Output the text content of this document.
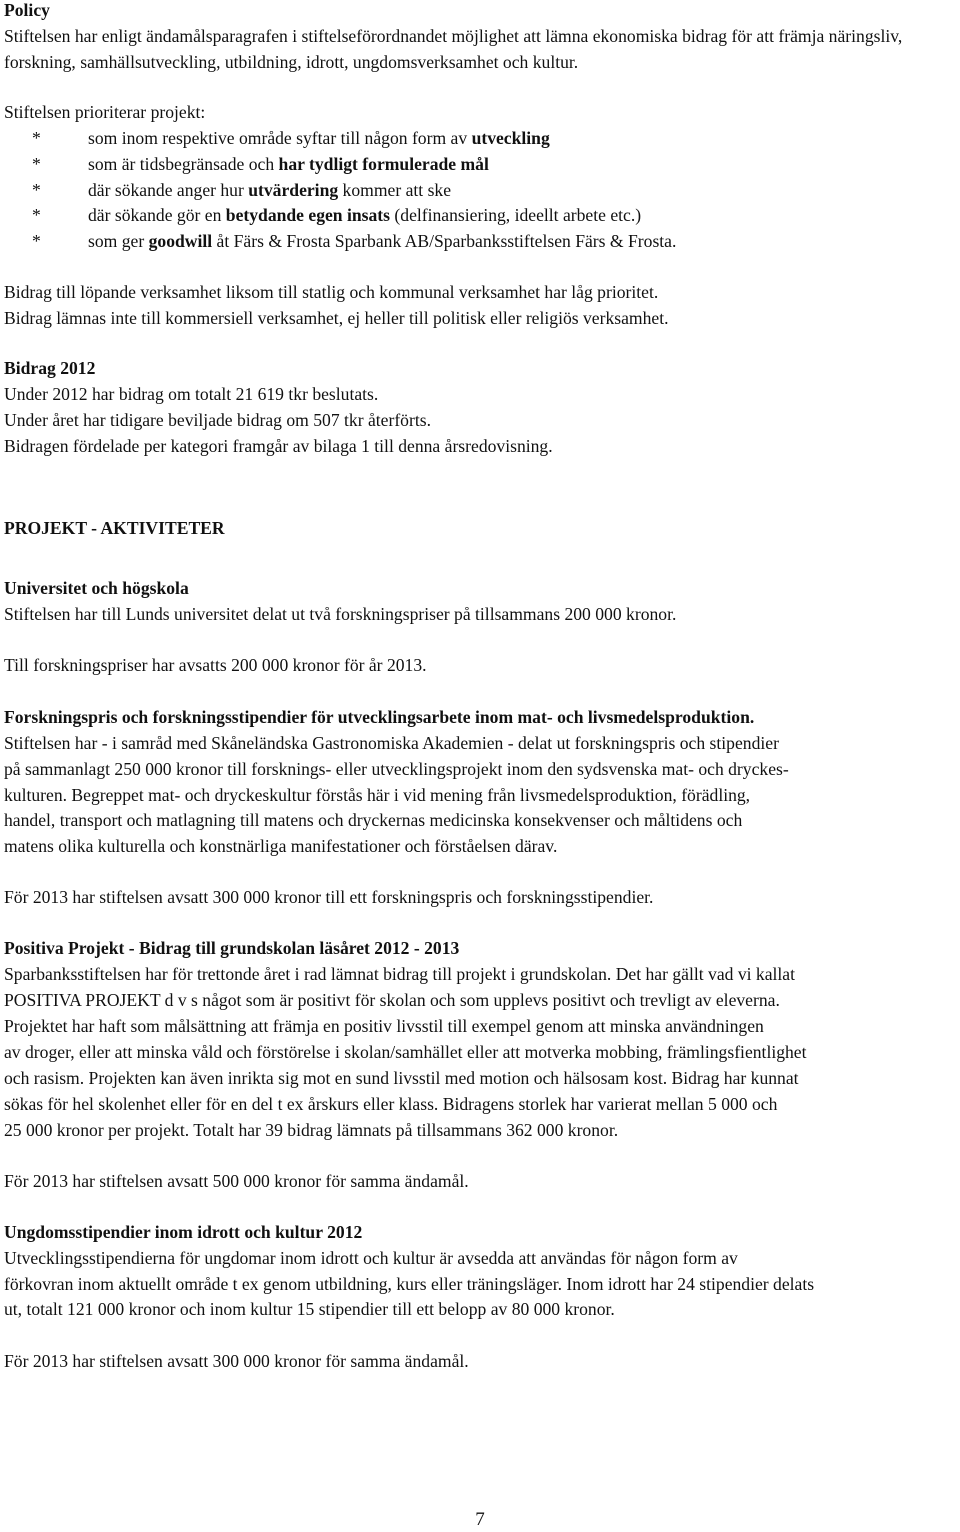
Policy

Stiftelsen har enligt ändamålsparagrafen i stiftelseförordnandet möjlighet att lämna ekonomiska bidrag för att främja näringsliv, forskning, samhällsutveckling, utbildning, idrott, ungdomsverksamhet och kultur.

Stiftelsen prioriterar projekt:

*	som inom respektive område syftar till någon form av utveckling
*	som är tidsbegränsade och har tydligt formulerade mål
*	där sökande anger hur utvärdering kommer att ske
*	där sökande gör en betydande egen insats (delfinansiering, ideellt arbete etc.)
*	som ger goodwill åt Färs & Frosta Sparbank AB/Sparbanksstiftelsen Färs & Frosta.

Bidrag till löpande verksamhet liksom till statlig och kommunal verksamhet har låg prioritet.

Bidrag lämnas inte till kommersiell verksamhet, ej heller till politisk eller religiös verksamhet.

Bidrag 2012

Under 2012 har bidrag om totalt 21 619 tkr beslutats.

Under året har tidigare beviljade bidrag om 507 tkr återförts.

Bidragen fördelade per kategori framgår av bilaga 1 till denna årsredovisning.

PROJEKT - AKTIVITETER

Universitet och högskola

Stiftelsen har till Lunds universitet delat ut två forskningspriser på tillsammans 200 000 kronor.

Till forskningspriser har avsatts 200 000 kronor för år 2013.

Forskningspris och forskningsstipendier för utvecklingsarbete inom mat- och livsmedelsproduktion.

Stiftelsen har - i samråd med Skåneländska Gastronomiska Akademien - delat ut forskningspris och stipendier

på sammanlagt 250 000 kronor till forsknings- eller utvecklingsprojekt inom den sydsvenska mat- och dryckes-

kulturen. Begreppet mat- och dryckeskultur förstås här i vid mening från livsmedelsproduktion, förädling,

handel, transport och matlagning till matens och dryckernas medicinska konsekvenser och måltidens och

matens olika kulturella och konstnärliga manifestationer och förståelsen därav.

För 2013 har stiftelsen avsatt 300 000 kronor till ett forskningspris och forskningsstipendier.

Positiva Projekt - Bidrag till grundskolan läsåret 2012 - 2013

Sparbanksstiftelsen har för trettonde året i rad lämnat bidrag till projekt i grundskolan. Det har gällt vad vi kallat

POSITIVA PROJEKT d v s något som är positivt för skolan och som upplevs positivt och trevligt av eleverna.

Projektet har haft som målsättning att främja en positiv livsstil till exempel genom att minska användningen

av droger, eller att minska våld och förstörelse i skolan/samhället eller att motverka mobbing, främlingsfientlighet

och rasism. Projekten kan även inrikta sig mot en sund livsstil med motion och hälsosam kost. Bidrag har kunnat

sökas för hel skolenhet eller för en del t ex årskurs eller klass. Bidragens storlek har varierat mellan 5 000 och

25 000 kronor per projekt. Totalt har 39 bidrag lämnats på tillsammans 362 000 kronor.

För 2013 har stiftelsen avsatt 500 000 kronor för samma ändamål.

Ungdomsstipendier inom idrott och kultur 2012

Utvecklingsstipendierna för ungdomar inom idrott och kultur är avsedda att användas för någon form av

förkovran inom aktuellt område t ex genom utbildning, kurs eller träningsläger. Inom idrott har 24 stipendier delats

ut, totalt 121 000 kronor och inom kultur 15 stipendier till ett belopp av 80 000 kronor.

För 2013 har stiftelsen avsatt 300 000 kronor för samma ändamål.

7
